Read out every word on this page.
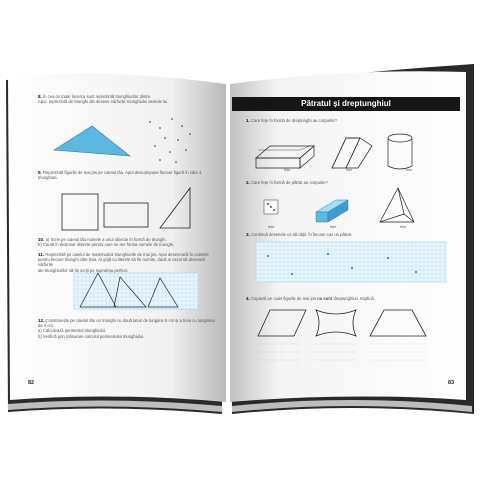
8. În cea ce toate încerca sunt reprezintă triunghiurilor dintre.
Apoi, reprezintă de triunghi din desene vârfurile triunghiului asmele lui.
9. Reprezintă figurile de mai jos pe caietul tău. Apoi descompune fiecare figură în câte 4 triunghiuri.
10. a) Scrie pe caietul tău numele a unui obiecte în formă de triunghi.
b) Caută în dicționar obiecte pentru care se are forma numele de triunghi.
11. Reprezintă pe caietul de matematică triunghiurile de mai jos. Apoi desenează în caietele
pentru fiecare triunghi câte linia. Ai grijă ca literele să fie numite, dacă ai cazul să desenezi vârfurile
ale triunghiurilor să fie scriți pe suprafeța perfect.
12. Construiește pe caietul tău un triunghi cu două laturi de lungime 6 cm și a treia cu lungimea
de 4 cm.
a) Calculează perimetrul triunghiului.
b) Verifică prin măsurare calculul perimetrului triunghiului.
82
Pătratul și dreptunghiul
1. Care fețe în formă de dreptunghi au corpurile?
fețe	fețe	fețe
2. Care fețe în formă de pătrat au corpurile?
fețe	fețe	fețe
3. Continuă desenele ca să obții: în fiecare caz un pătrat.
4. Copiază pe caiet figurile de mai jos nu sunt dreptunghiuri. Explică.
83
